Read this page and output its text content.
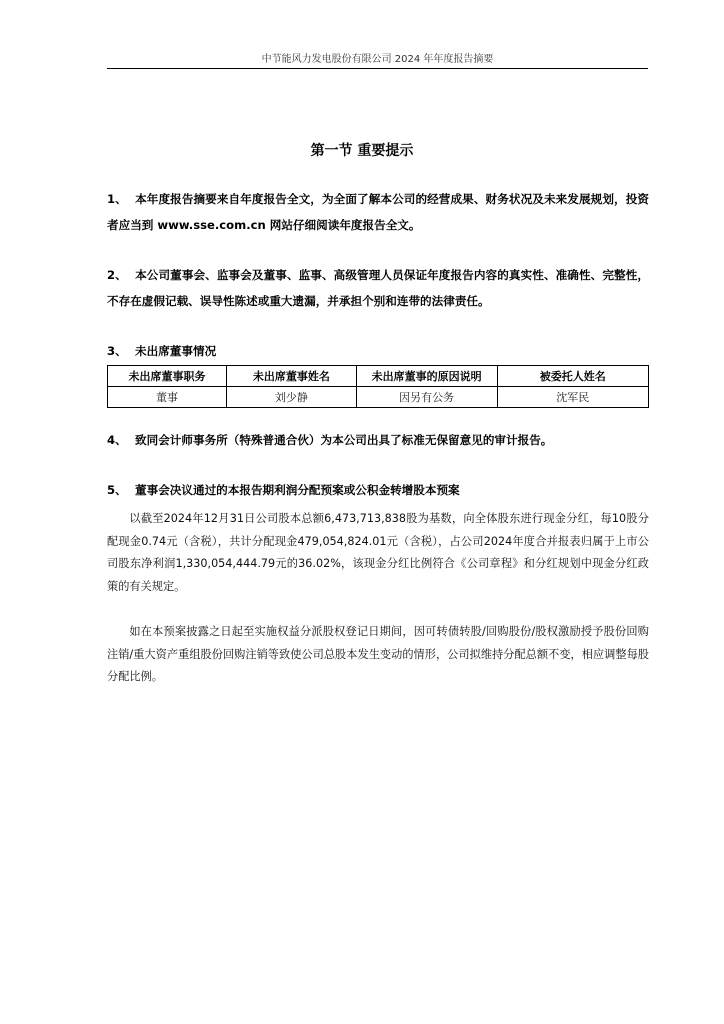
中节能风力发电股份有限公司 2024 年年度报告摘要
第一节 重要提示
1、 本年度报告摘要来自年度报告全文，为全面了解本公司的经营成果、财务状况及未来发展规划，投资者应当到 www.sse.com.cn 网站仔细阅读年度报告全文。
2、 本公司董事会、监事会及董事、监事、高级管理人员保证年度报告内容的真实性、准确性、完整性，不存在虚假记载、误导性陈述或重大遗漏，并承担个别和连带的法律责任。
3、 未出席董事情况
未出席董事职务	未出席董事姓名	未出席董事的原因说明	被委托人姓名
董事	刘少静	因另有公务	沈军民
4、 致同会计师事务所（特殊普通合伙）为本公司出具了标准无保留意见的审计报告。
5、 董事会决议通过的本报告期利润分配预案或公积金转增股本预案
以截至2024年12月31日公司股本总额6,473,713,838股为基数，向全体股东进行现金分红，每10股分配现金0.74元（含税），共计分配现金479,054,824.01元（含税），占公司2024年度合并报表归属于上市公司股东净利润1,330,054,444.79元的36.02%，该现金分红比例符合《公司章程》和分红规划中现金分红政策的有关规定。
如在本预案披露之日起至实施权益分派股权登记日期间，因可转债转股/回购股份/股权激励授予股份回购注销/重大资产重组股份回购注销等致使公司总股本发生变动的情形，公司拟维持分配总额不变，相应调整每股分配比例。
